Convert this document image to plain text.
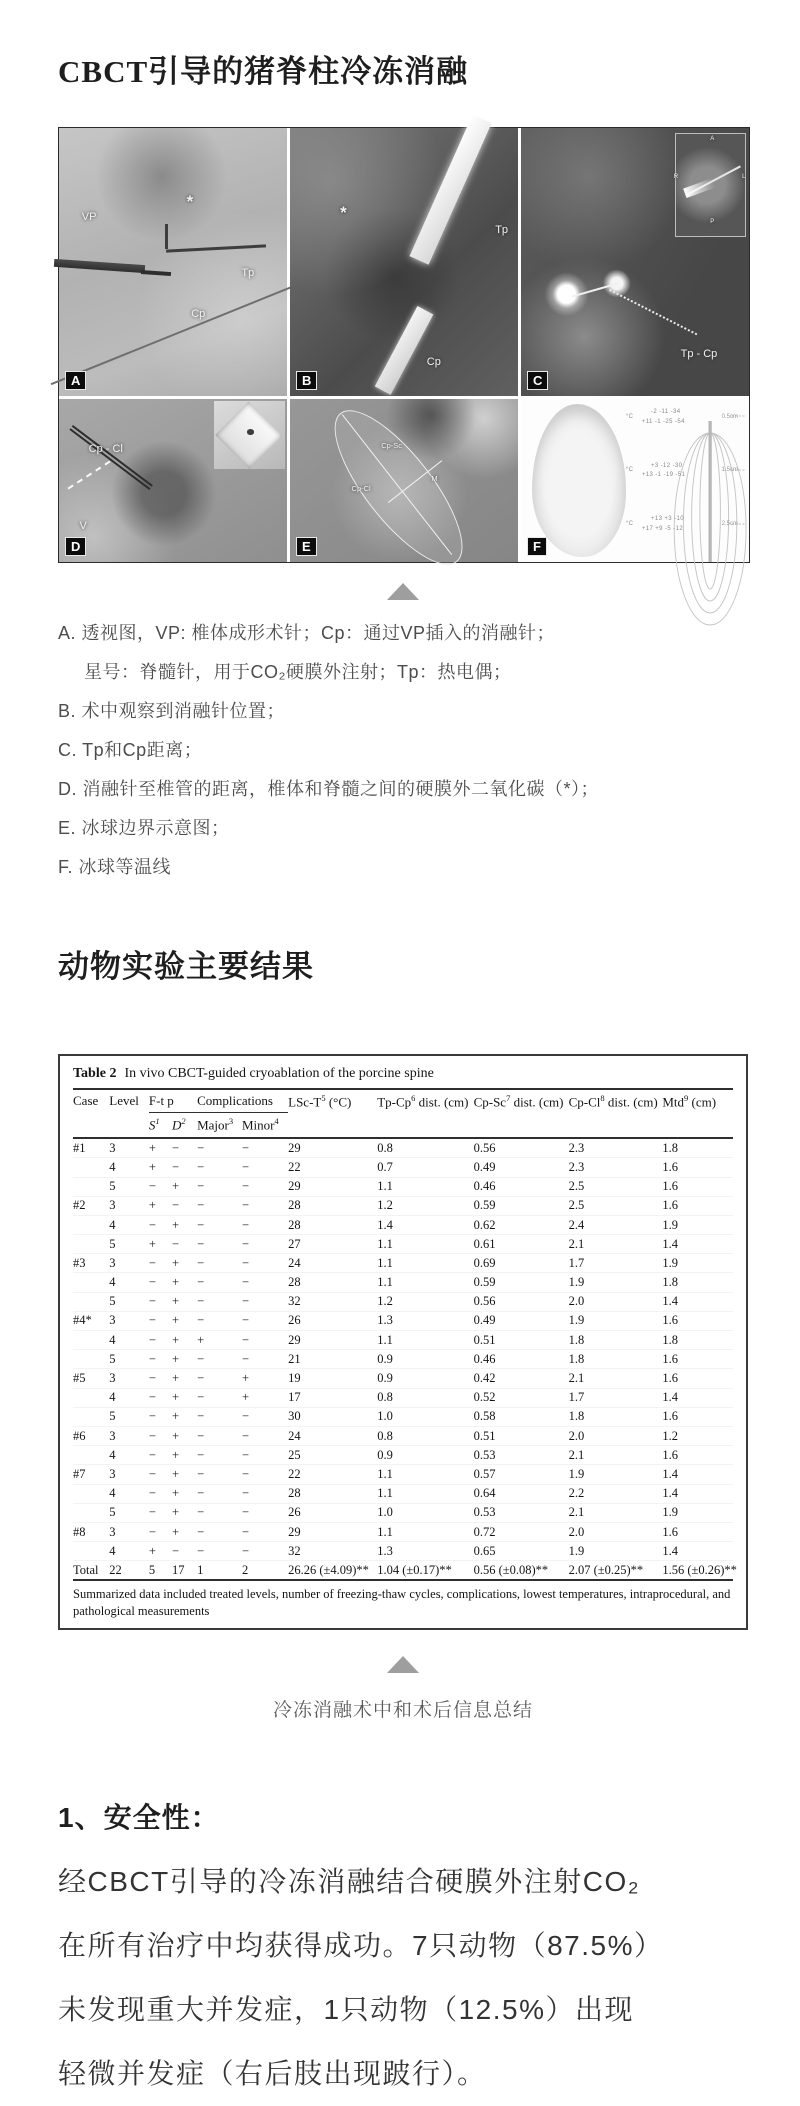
CBCT引导的猪脊柱冷冻消融
VP
*
Tp
Cp
A
*
Tp
Cp
B
Tp - Cp
A
R	L
P
C
Cp - Cl
V
D
Cp-Sc
Cp-Cl
M
E
°C
-2 -11 -34
+11 -1 -25 -54
0.5cm
°C
+3 -12 -30
+13 -1 -19 -51
1.5cm
°C
+13 +3 -10
+17 +9 -5 -12
2.5cm
F
A. 透视图，VP: 椎体成形术针；Cp：通过VP插入的消融针；
星号：脊髓针，用于CO₂硬膜外注射；Tp：热电偶；
B. 术中观察到消融针位置；
C. Tp和Cp距离；
D. 消融针至椎管的距离，椎体和脊髓之间的硬膜外二氧化碳（*）；
E. 冰球边界示意图；
F. 冰球等温线
动物实验主要结果
Table 2 In vivo CBCT-guided cryoablation of the porcine spine
Case	Level	F-t p		Complications		LSc-$T^5$ (°C)	Tp-Cp$^6$ dist. (cm)	Cp-Sc$^7$ dist. (cm)	Cp-Cl$^8$ dist. (cm)	Mtd$^9$ (cm)
		$S^1$	$D^2$	Major$^3$	Minor$^4$					
#1	3	+	−	−	−	29	0.8	0.56	2.3	1.8
	4	+	−	−	−	22	0.7	0.49	2.3	1.6
	5	−	+	−	−	29	1.1	0.46	2.5	1.6
#2	3	+	−	−	−	28	1.2	0.59	2.5	1.6
	4	−	+	−	−	28	1.4	0.62	2.4	1.9
	5	+	−	−	−	27	1.1	0.61	2.1	1.4
#3	3	−	+	−	−	24	1.1	0.69	1.7	1.9
	4	−	+	−	−	28	1.1	0.59	1.9	1.8
	5	−	+	−	−	32	1.2	0.56	2.0	1.4
#4*	3	−	+	−	−	26	1.3	0.49	1.9	1.6
	4	−	+	+	−	29	1.1	0.51	1.8	1.8
	5	−	+	−	−	21	0.9	0.46	1.8	1.6
#5	3	−	+	−	+	19	0.9	0.42	2.1	1.6
	4	−	+	−	+	17	0.8	0.52	1.7	1.4
	5	−	+	−	−	30	1.0	0.58	1.8	1.6
#6	3	−	+	−	−	24	0.8	0.51	2.0	1.2
	4	−	+	−	−	25	0.9	0.53	2.1	1.6
#7	3	−	+	−	−	22	1.1	0.57	1.9	1.4
	4	−	+	−	−	28	1.1	0.64	2.2	1.4
	5	−	+	−	−	26	1.0	0.53	2.1	1.9
#8	3	−	+	−	−	29	1.1	0.72	2.0	1.6
	4	+	−	−	−	32	1.3	0.65	1.9	1.4
Total	22	5	17	1	2	26.26 (±4.09)**	1.04 (±0.17)**	0.56 (±0.08)**	2.07 (±0.25)**	1.56 (±0.26)**
Summarized data included treated levels, number of freezing-thaw cycles, complications, lowest temperatures, intraprocedural, and pathological measurements
冷冻消融术中和术后信息总结
1、安全性：
经CBCT引导的冷冻消融结合硬膜外注射CO₂
在所有治疗中均获得成功。7只动物（87.5%）
未发现重大并发症，1只动物（12.5%）出现
轻微并发症（右后肢出现跛行）。
